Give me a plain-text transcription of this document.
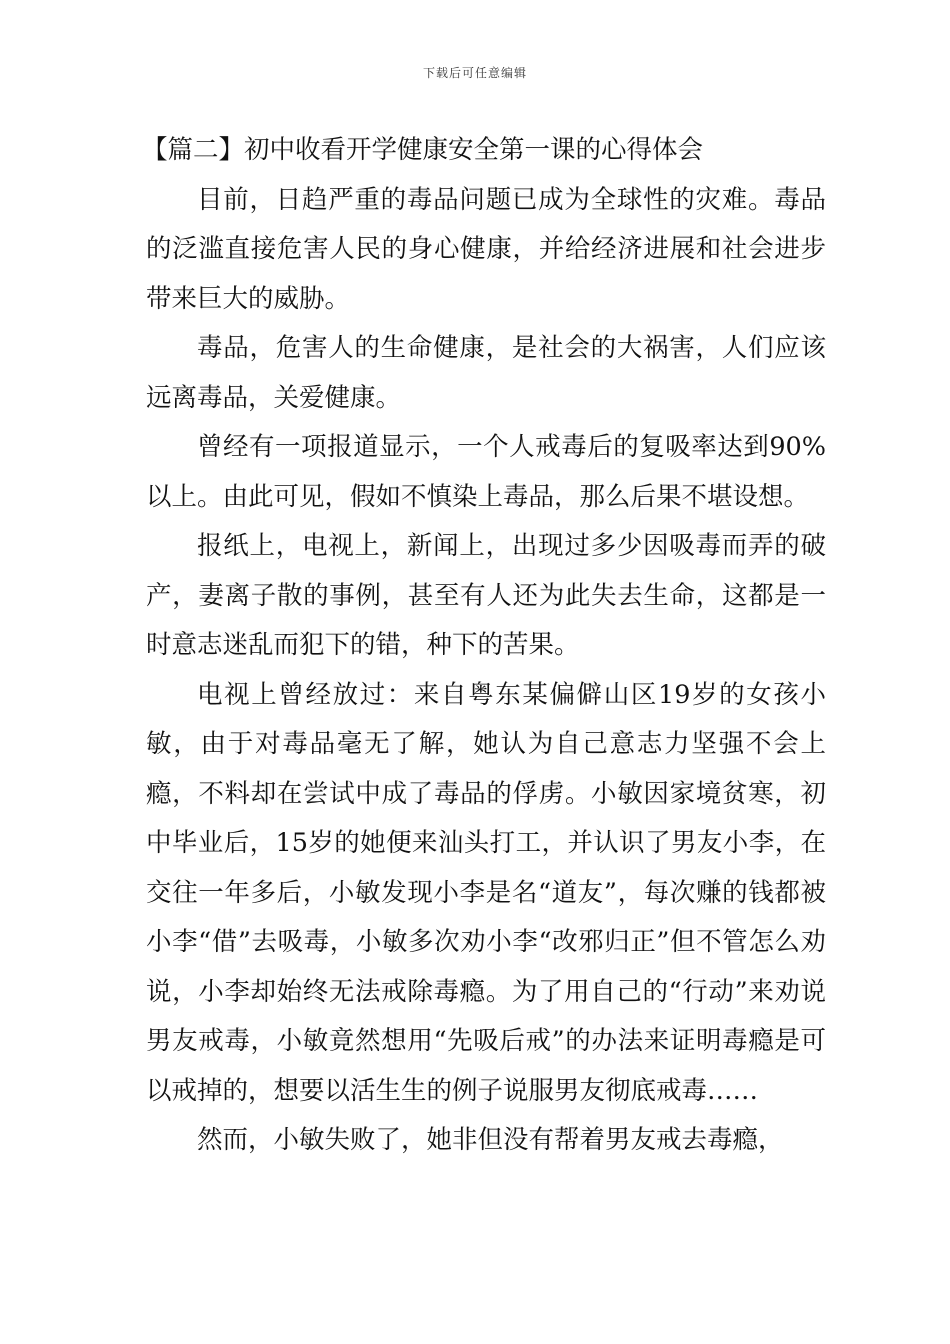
下载后可任意编辑

【篇二】初中收看开学健康安全第一课的心得体会

目前，日趋严重的毒品问题已成为全球性的灾难。毒品的泛滥直接危害人民的身心健康，并给经济进展和社会进步带来巨大的威胁。

毒品，危害人的生命健康，是社会的大祸害，人们应该远离毒品，关爱健康。

曾经有一项报道显示，一个人戒毒后的复吸率达到90%以上。由此可见，假如不慎染上毒品，那么后果不堪设想。

报纸上，电视上，新闻上，出现过多少因吸毒而弄的破产，妻离子散的事例，甚至有人还为此失去生命，这都是一时意志迷乱而犯下的错，种下的苦果。

电视上曾经放过：来自粤东某偏僻山区19岁的女孩小敏，由于对毒品毫无了解，她认为自己意志力坚强不会上瘾，不料却在尝试中成了毒品的俘虏。小敏因家境贫寒，初中毕业后，15岁的她便来汕头打工，并认识了男友小李，在交往一年多后，小敏发现小李是名“道友”，每次赚的钱都被小李“借”去吸毒，小敏多次劝小李“改邪归正”但不管怎么劝说，小李却始终无法戒除毒瘾。为了用自己的“行动”来劝说男友戒毒，小敏竟然想用“先吸后戒”的办法来证明毒瘾是可以戒掉的，想要以活生生的例子说服男友彻底戒毒……

然而，小敏失败了，她非但没有帮着男友戒去毒瘾，
